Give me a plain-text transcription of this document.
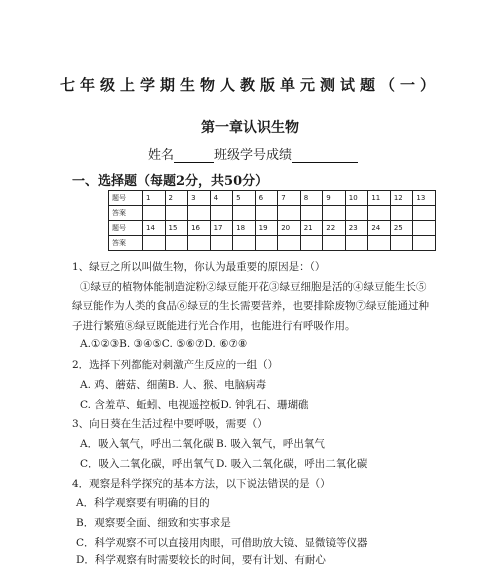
七年级上学期生物人教版单元测试题（一）
第一章认识生物
姓名	班级学号成绩
一、选择题（每题2分，共50分）
题号	1	2	3	4	5	6	7	8	9	10	11	12	13
答案													
题号	14	15	16	17	18	19	20	21	22	23	24	25	
答案													
1、绿豆之所以叫做生物，你认为最重要的原因是：（）
①绿豆的植物体能制造淀粉②绿豆能开花③绿豆细胞是活的④绿豆能生长⑤
绿豆能作为人类的食品⑥绿豆的生长需要营养，也要排除废物⑦绿豆能通过种
子进行繁殖⑧绿豆既能进行光合作用，也能进行有呼吸作用。
A.①②③B. ③④⑤C. ⑤⑥⑦D. ⑥⑦⑧
2．选择下列都能对刺激产生反应的一组（）
A. 鸡、蘑菇、细菌B. 人、猴、电脑病毒
C. 含羞草、蚯蚓、电视遥控板D. 钟乳石、珊瑚礁
3、向日葵在生活过程中要呼吸，需要（）
A．吸入氧气，呼出二氧化碳 B. 吸入氧气，呼出氧气
C．吸入二氧化碳，呼出氧气 D. 吸入二氧化碳，呼出二氧化碳
4．观察是科学探究的基本方法，以下说法错误的是（）
A．科学观察要有明确的目的
B．观察要全面、细致和实事求是
C．科学观察不可以直接用肉眼，可借助放大镜、显微镜等仪器
D．科学观察有时需要较长的时间，要有计划、有耐心
